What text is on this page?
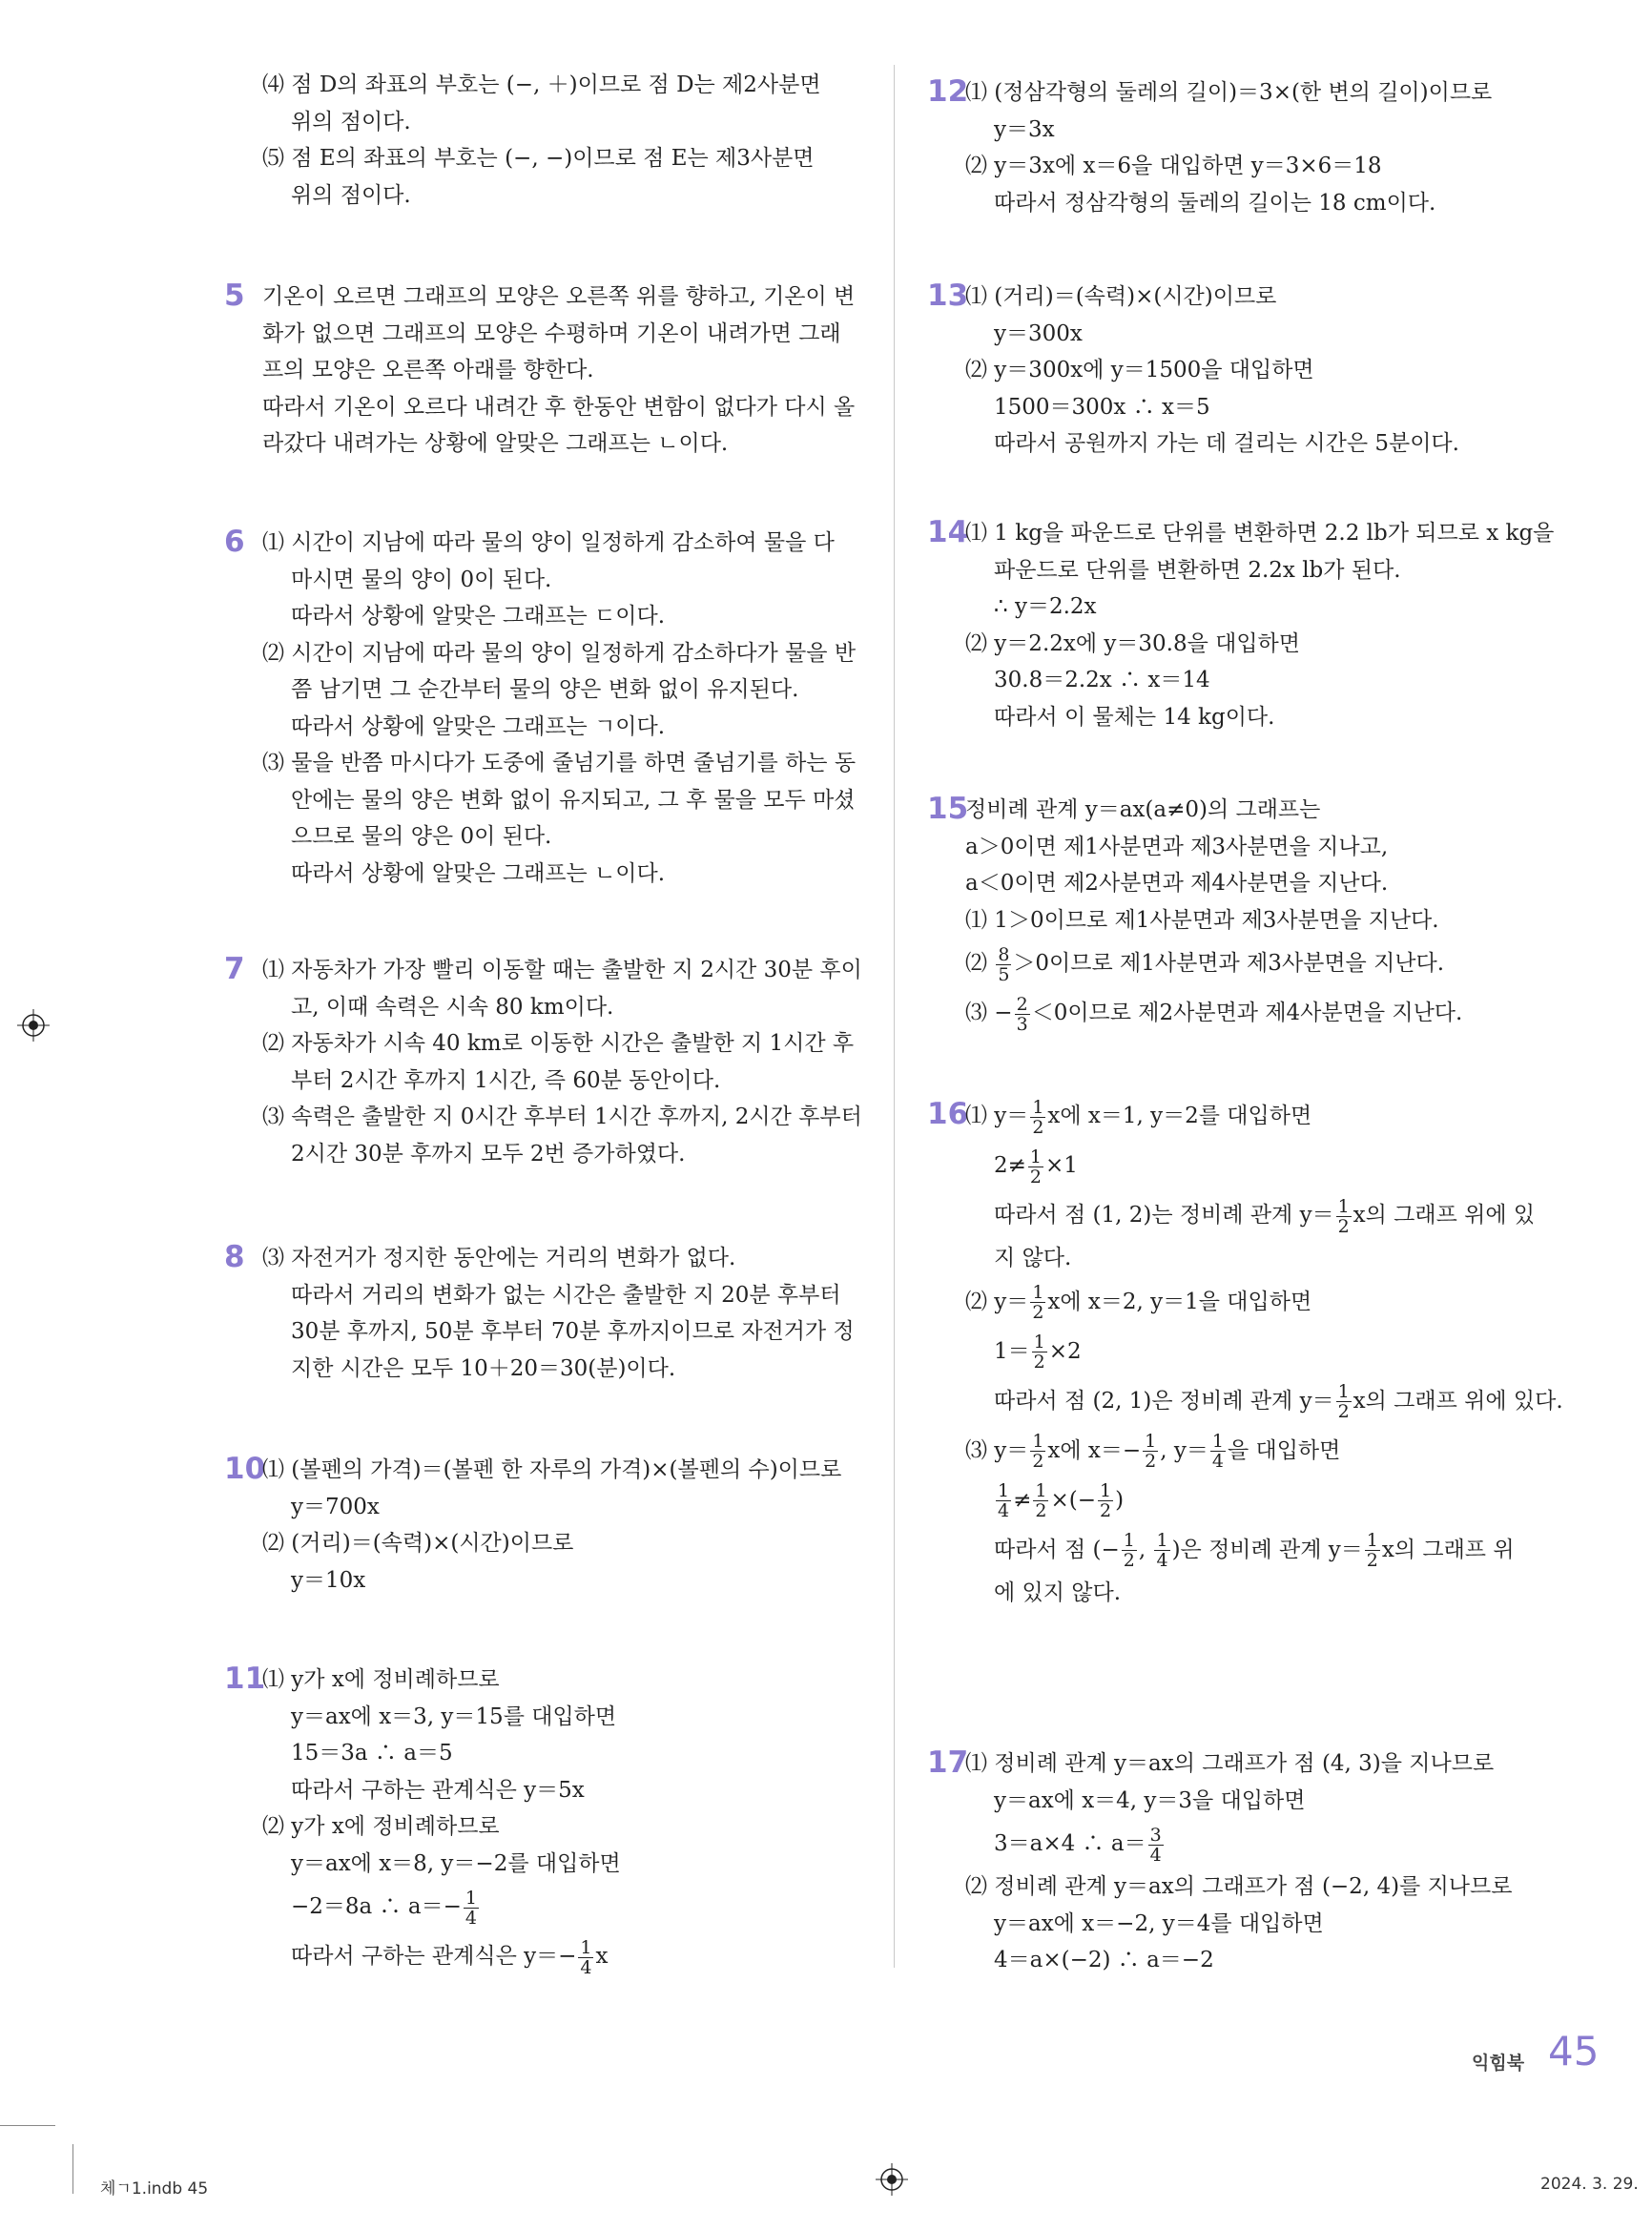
⑷ 점 D의 좌표의 부호는 (−, ＋)이므로 점 D는 제2사분면
위의 점이다.
⑸ 점 E의 좌표의 부호는 (−, −)이므로 점 E는 제3사분면
위의 점이다.
5 기온이 오르면 그래프의 모양은 오른쪽 위를 향하고, 기온이 변
화가 없으면 그래프의 모양은 수평하며 기온이 내려가면 그래
프의 모양은 오른쪽 아래를 향한다.
따라서 기온이 오르다 내려간 후 한동안 변함이 없다가 다시 올
라갔다 내려가는 상황에 알맞은 그래프는 ㄴ이다.
6 ⑴ 시간이 지남에 따라 물의 양이 일정하게 감소하여 물을 다
마시면 물의 양이 0이 된다.
따라서 상황에 알맞은 그래프는 ㄷ이다.
⑵ 시간이 지남에 따라 물의 양이 일정하게 감소하다가 물을 반
쯤 남기면 그 순간부터 물의 양은 변화 없이 유지된다.
따라서 상황에 알맞은 그래프는 ㄱ이다.
⑶ 물을 반쯤 마시다가 도중에 줄넘기를 하면 줄넘기를 하는 동
안에는 물의 양은 변화 없이 유지되고, 그 후 물을 모두 마셨
으므로 물의 양은 0이 된다.
따라서 상황에 알맞은 그래프는 ㄴ이다.
7 ⑴ 자동차가 가장 빨리 이동할 때는 출발한 지 2시간 30분 후이
고, 이때 속력은 시속 80 km이다.
⑵ 자동차가 시속 40 km로 이동한 시간은 출발한 지 1시간 후
부터 2시간 후까지 1시간, 즉 60분 동안이다.
⑶ 속력은 출발한 지 0시간 후부터 1시간 후까지, 2시간 후부터
2시간 30분 후까지 모두 2번 증가하였다.
8 ⑶ 자전거가 정지한 동안에는 거리의 변화가 없다.
따라서 거리의 변화가 없는 시간은 출발한 지 20분 후부터
30분 후까지, 50분 후부터 70분 후까지이므로 자전거가 정
지한 시간은 모두 10＋20＝30(분)이다.
10
⑴ (볼펜의 가격)＝(볼펜 한 자루의 가격)×(볼펜의 수)이므로
y＝700x
⑵ (거리)＝(속력)×(시간)이므로
y＝10x
11
⑴ y가 x에 정비례하므로
y＝ax에 x＝3, y＝15를 대입하면
15＝3a ∴ a＝5
따라서 구하는 관계식은 y＝5x
⑵ y가 x에 정비례하므로
y＝ax에 x＝8, y＝−2를 대입하면
−2＝8a ∴ $a=- \frac{1}{4}$
따라서 구하는 관계식은 $y=- \frac{1}{4}$ x
12
⑴ (정삼각형의 둘레의 길이)＝3×(한 변의 길이)이므로
y＝3x
⑵ y＝3x에 x＝6을 대입하면 y＝3×6＝18
따라서 정삼각형의 둘레의 길이는 18 cm이다.
13
⑴ (거리)＝(속력)×(시간)이므로
y＝300x
⑵ y＝300x에 y＝1500을 대입하면
1500＝300x ∴ x＝5
따라서 공원까지 가는 데 걸리는 시간은 5분이다.
14
⑴ 1 kg을 파운드로 단위를 변환하면 2.2 lb가 되므로 x kg을
파운드로 단위를 변환하면 2.2x lb가 된다.
∴ y＝2.2x
⑵ y＝2.2x에 y＝30.8을 대입하면
30.8＝2.2x ∴ x＝14
따라서 이 물체는 14 kg이다.
15
정비례 관계 y＝ax(a≠0)의 그래프는
a＞0이면 제1사분면과 제3사분면을 지나고,
a＜0이면 제2사분면과 제4사분면을 지난다.
⑴ 1＞0이므로 제1사분면과 제3사분면을 지난다.
⑵ $\frac{8}{5} >0$이므로 제1사분면과 제3사분면을 지난다.
⑶ − $\frac{2}{3} <0$이므로 제2사분면과 제4사분면을 지난다.
16
⑴ $y= \frac{1}{2}$ x에 x＝1, y＝2를 대입하면
$2\ne \frac{1}{2} \times 1$
따라서 점 (1, 2)는 정비례 관계 $y= \frac{1}{2}$ x의 그래프 위에 있
지 않다.
⑵ $y= \frac{1}{2}$ x에 x＝2, y＝1을 대입하면
$1= \frac{1}{2} \times 2$
따라서 점 (2, 1)은 정비례 관계 $y= \frac{1}{2}$ x의 그래프 위에 있다.
⑶ $y= \frac{1}{2}$ x에 $x=- \frac{1}{2}$ , $y= \frac{1}{4}$ 을 대입하면
$\frac{1}{4} \ne \frac{1}{2}$ ×(− $\frac{1}{2}$ )
따라서 점 (− $\frac{1}{2}$ , $\frac{1}{4}$ )은 정비례 관계 $y= \frac{1}{2}$ x의 그래프 위
에 있지 않다.
17
⑴ 정비례 관계 y＝ax의 그래프가 점 (4, 3)을 지나므로
y＝ax에 x＝4, y＝3을 대입하면
3＝a×4 ∴ $a= \frac{3}{4}$
⑵ 정비례 관계 y＝ax의 그래프가 점 (−2, 4)를 지나므로
y＝ax에 x＝−2, y＝4를 대입하면
4＝a×(−2) ∴ a＝−2
익힘북 45
체ㄱ1.indb 45	2024. 3. 29.
